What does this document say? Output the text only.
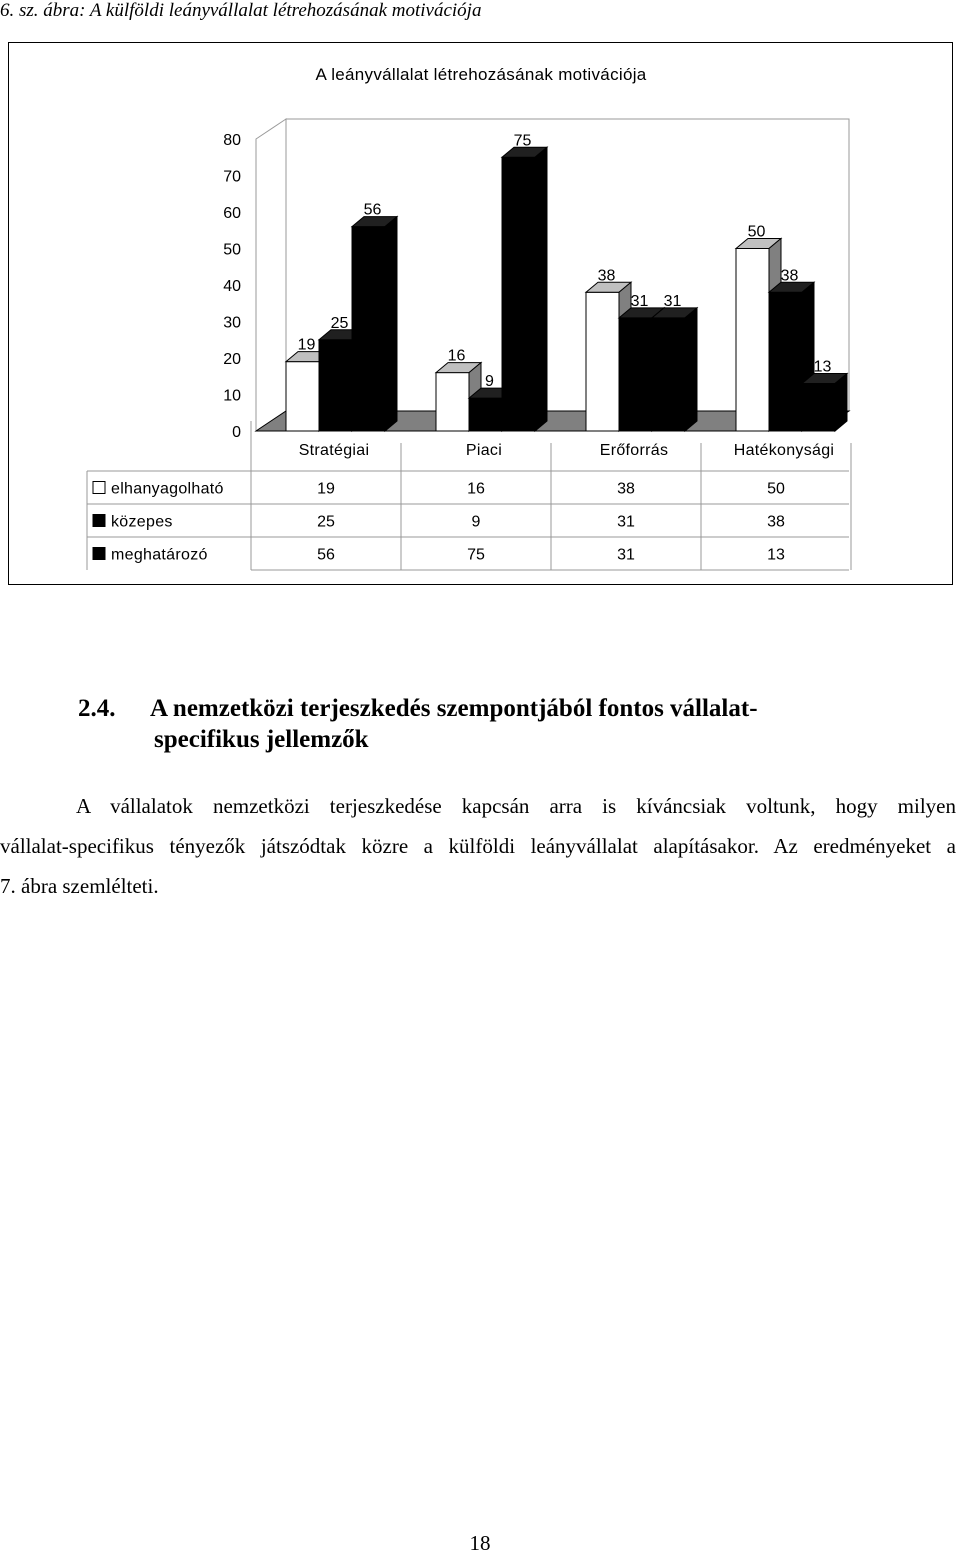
6. sz. ábra: A külföldi leányvállalat létrehozásának motivációja
A leányvállalat létrehozásának motivációja
0
10
20
30
40
50
60
70
80
19
25
56
Stratégiai
16
9
75
Piaci
38
31 31
Erőforrás
50
38
13
Hatékonysági
elhanyagolható	19	16	38	50
közepes	25	9	31	38
meghatározó	56	75	31	13
2.4. A nemzetközi terjeszkedés szempontjából fontos vállalat-
specifikus jellemzők
A vállalatok nemzetközi terjeszkedése kapcsán arra is kíváncsiak voltunk, hogy milyen
vállalat-specifikus tényezők játszódtak közre a külföldi leányvállalat alapításakor. Az eredményeket a
7. ábra szemlélteti.
18
